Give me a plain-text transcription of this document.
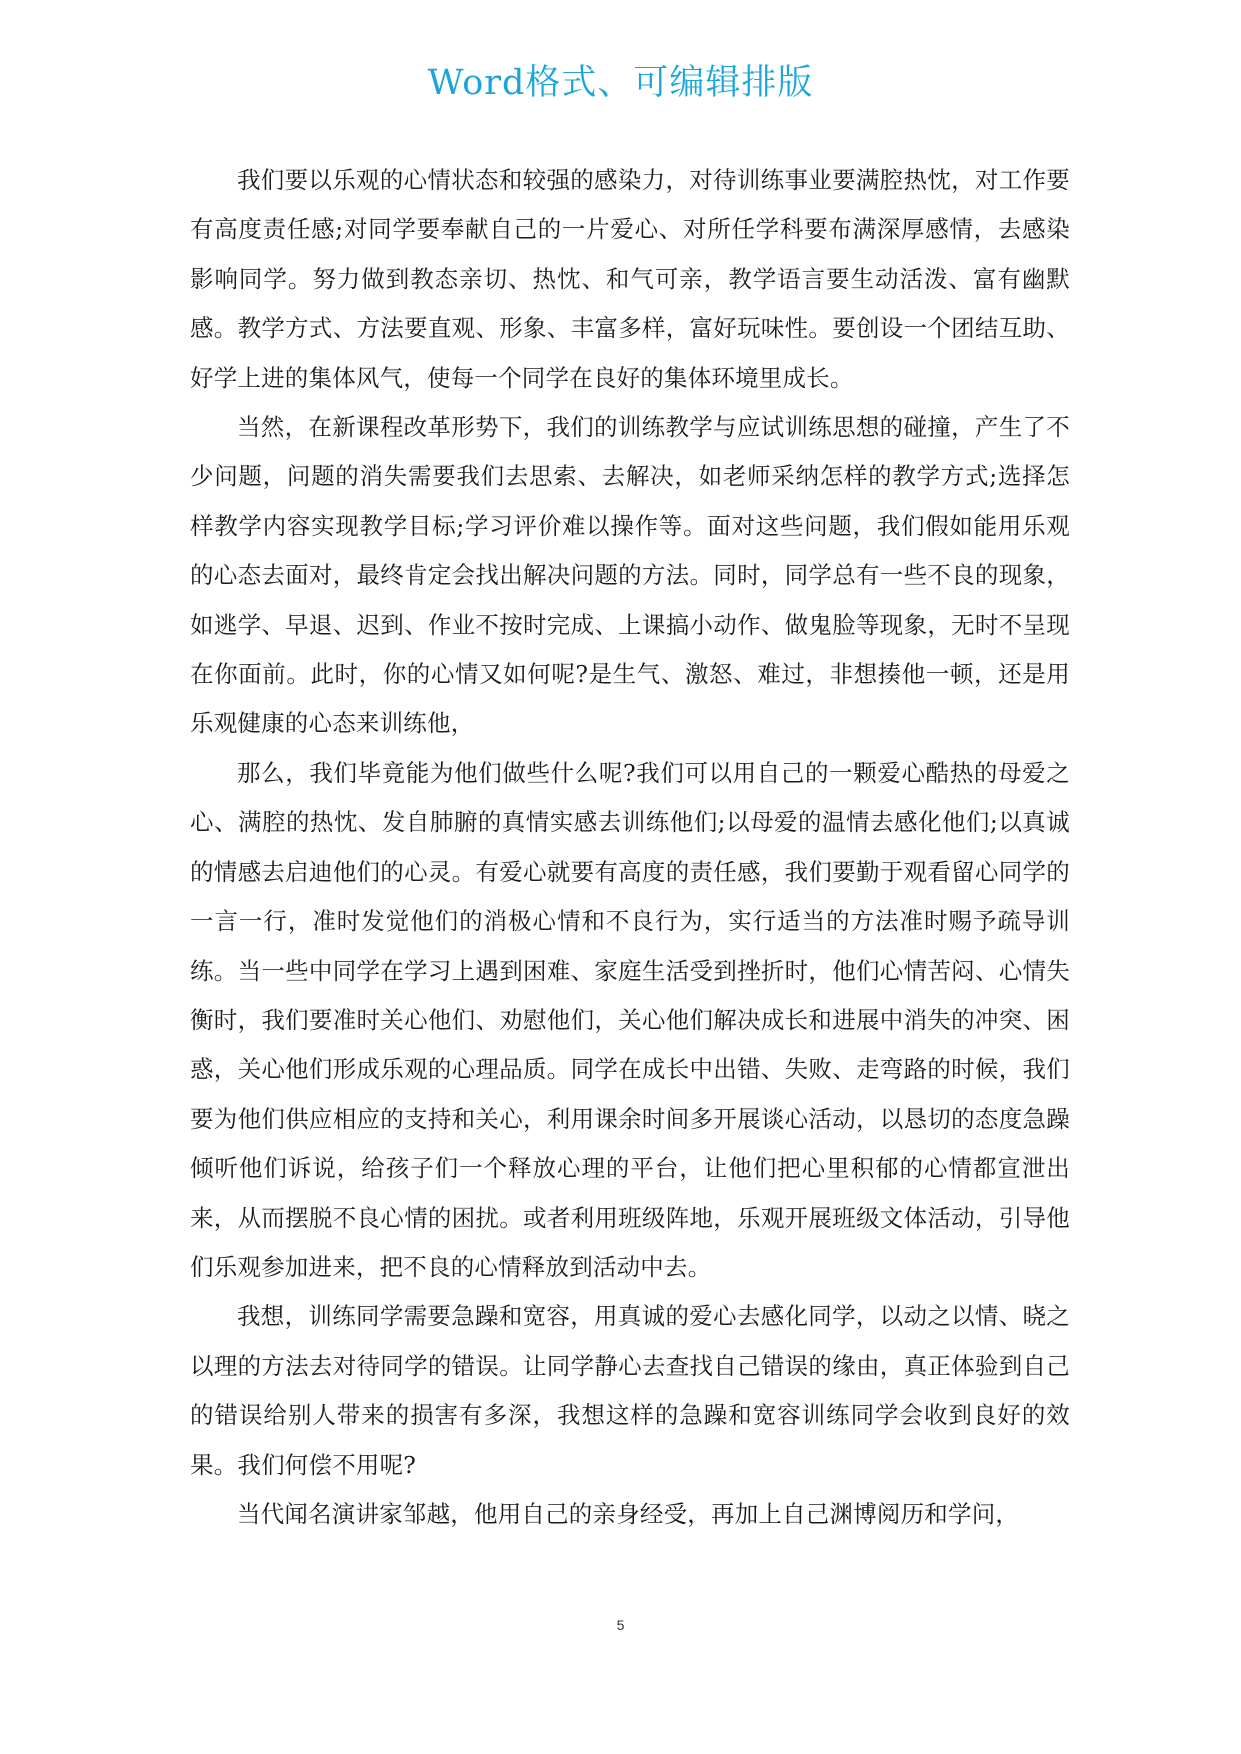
Word格式、可编辑排版

我们要以乐观的心情状态和较强的感染力，对待训练事业要满腔热忱，对工作要有高度责任感;对同学要奉献自己的一片爱心、对所任学科要布满深厚感情，去感染影响同学。努力做到教态亲切、热忱、和气可亲，教学语言要生动活泼、富有幽默感。教学方式、方法要直观、形象、丰富多样，富好玩味性。要创设一个团结互助、好学上进的集体风气，使每一个同学在良好的集体环境里成长。

当然，在新课程改革形势下，我们的训练教学与应试训练思想的碰撞，产生了不少问题，问题的消失需要我们去思索、去解决，如老师采纳怎样的教学方式;选择怎样教学内容实现教学目标;学习评价难以操作等。面对这些问题，我们假如能用乐观的心态去面对，最终肯定会找出解决问题的方法。同时，同学总有一些不良的现象，如逃学、早退、迟到、作业不按时完成、上课搞小动作、做鬼脸等现象，无时不呈现在你面前。此时，你的心情又如何呢?是生气、激怒、难过，非想揍他一顿，还是用乐观健康的心态来训练他，

那么，我们毕竟能为他们做些什么呢?我们可以用自己的一颗爱心酷热的母爱之心、满腔的热忱、发自肺腑的真情实感去训练他们;以母爱的温情去感化他们;以真诚的情感去启迪他们的心灵。有爱心就要有高度的责任感，我们要勤于观看留心同学的一言一行，准时发觉他们的消极心情和不良行为，实行适当的方法准时赐予疏导训练。当一些中同学在学习上遇到困难、家庭生活受到挫折时，他们心情苦闷、心情失衡时，我们要准时关心他们、劝慰他们，关心他们解决成长和进展中消失的冲突、困惑，关心他们形成乐观的心理品质。同学在成长中出错、失败、走弯路的时候，我们要为他们供应相应的支持和关心，利用课余时间多开展谈心活动，以恳切的态度急躁倾听他们诉说，给孩子们一个释放心理的平台，让他们把心里积郁的心情都宣泄出来，从而摆脱不良心情的困扰。或者利用班级阵地，乐观开展班级文体活动，引导他们乐观参加进来，把不良的心情释放到活动中去。

我想，训练同学需要急躁和宽容，用真诚的爱心去感化同学，以动之以情、晓之以理的方法去对待同学的错误。让同学静心去查找自己错误的缘由，真正体验到自己的错误给别人带来的损害有多深，我想这样的急躁和宽容训练同学会收到良好的效果。我们何偿不用呢?

当代闻名演讲家邹越，他用自己的亲身经受，再加上自己渊博阅历和学问，

5
